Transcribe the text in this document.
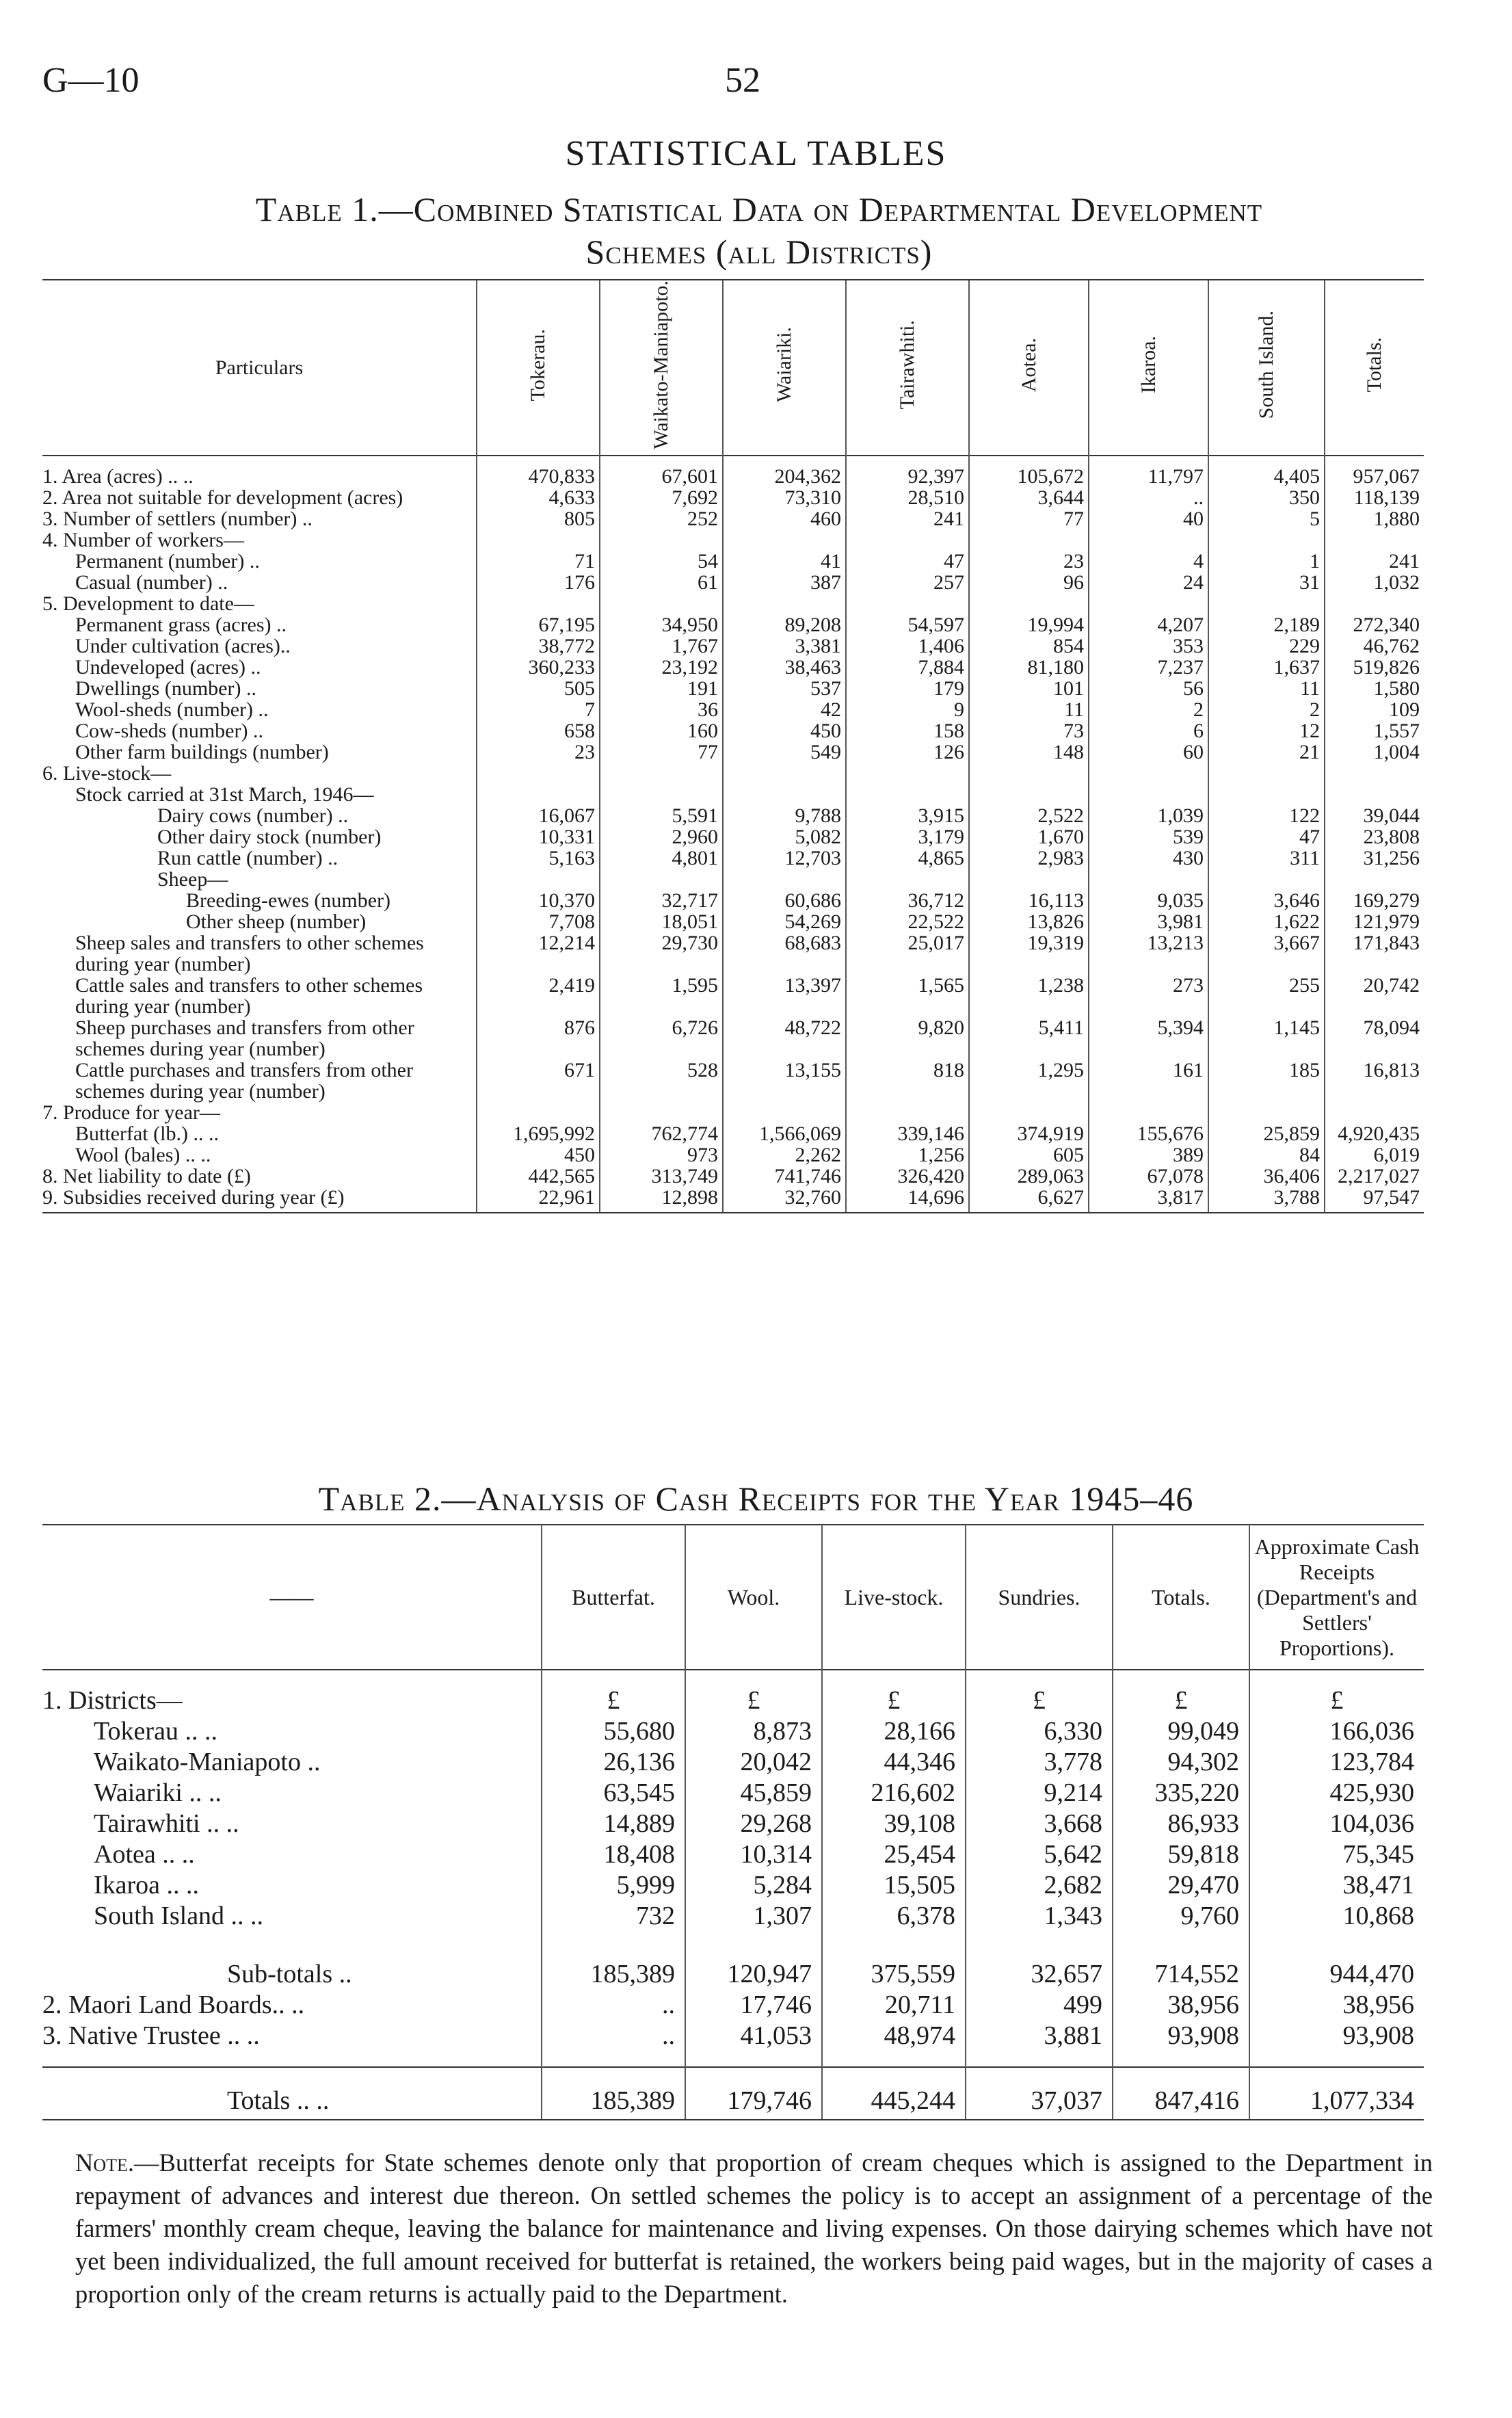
G—10	52
STATISTICAL TABLES
Table 1.—Combined Statistical Data on Departmental Development
Schemes (all Districts)
Particulars	Tokerau.	Waikato-Maniapoto.	Waiariki.	Tairawhiti.	Aotea.	Ikaroa.	South Island.	Totals.
1. Area (acres) .. ..	470,833	67,601	204,362	92,397	105,672	11,797	4,405	957,067
2. Area not suitable for development (acres)	4,633	7,692	73,310	28,510	3,644	..	350	118,139
3. Number of settlers (number) ..	805	252	460	241	77	40	5	1,880
4. Number of workers—								
Permanent (number) ..	71	54	41	47	23	4	1	241
Casual (number) ..	176	61	387	257	96	24	31	1,032
5. Development to date—								
Permanent grass (acres) ..	67,195	34,950	89,208	54,597	19,994	4,207	2,189	272,340
Under cultivation (acres)..	38,772	1,767	3,381	1,406	854	353	229	46,762
Undeveloped (acres) ..	360,233	23,192	38,463	7,884	81,180	7,237	1,637	519,826
Dwellings (number) ..	505	191	537	179	101	56	11	1,580
Wool-sheds (number) ..	7	36	42	9	11	2	2	109
Cow-sheds (number) ..	658	160	450	158	73	6	12	1,557
Other farm buildings (number)	23	77	549	126	148	60	21	1,004
6. Live-stock—								
Stock carried at 31st March, 1946—								
Dairy cows (number) ..	16,067	5,591	9,788	3,915	2,522	1,039	122	39,044
Other dairy stock (number)	10,331	2,960	5,082	3,179	1,670	539	47	23,808
Run cattle (number) ..	5,163	4,801	12,703	4,865	2,983	430	311	31,256
Sheep—								
Breeding-ewes (number)	10,370	32,717	60,686	36,712	16,113	9,035	3,646	169,279
Other sheep (number)	7,708	18,051	54,269	22,522	13,826	3,981	1,622	121,979
Sheep sales and transfers to other schemes during year (number)	12,214	29,730	68,683	25,017	19,319	13,213	3,667	171,843
Cattle sales and transfers to other schemes during year (number)	2,419	1,595	13,397	1,565	1,238	273	255	20,742
Sheep purchases and transfers from other schemes during year (number)	876	6,726	48,722	9,820	5,411	5,394	1,145	78,094
Cattle purchases and transfers from other schemes during year (number)	671	528	13,155	818	1,295	161	185	16,813
7. Produce for year—								
Butterfat (lb.) .. ..	1,695,992	762,774	1,566,069	339,146	374,919	155,676	25,859	4,920,435
Wool (bales) .. ..	450	973	2,262	1,256	605	389	84	6,019
8. Net liability to date (£)	442,565	313,749	741,746	326,420	289,063	67,078	36,406	2,217,027
9. Subsidies received during year (£)	22,961	12,898	32,760	14,696	6,627	3,817	3,788	97,547
Table 2.—Analysis of Cash Receipts for the Year 1945–46
——	Butterfat.	Wool.	Live-stock.	Sundries.	Totals.	Approximate Cash Receipts (Department's and Settlers' Proportions).
1. Districts—	£	£	£	£	£	£
Tokerau .. ..	55,680	8,873	28,166	6,330	99,049	166,036
Waikato-Maniapoto ..	26,136	20,042	44,346	3,778	94,302	123,784
Waiariki .. ..	63,545	45,859	216,602	9,214	335,220	425,930
Tairawhiti .. ..	14,889	29,268	39,108	3,668	86,933	104,036
Aotea .. ..	18,408	10,314	25,454	5,642	59,818	75,345
Ikaroa .. ..	5,999	5,284	15,505	2,682	29,470	38,471
South Island .. ..	732	1,307	6,378	1,343	9,760	10,868
Sub-totals ..	185,389	120,947	375,559	32,657	714,552	944,470
2. Maori Land Boards.. ..	..	17,746	20,711	499	38,956	38,956
3. Native Trustee .. ..	..	41,053	48,974	3,881	93,908	93,908
Totals .. ..	185,389	179,746	445,244	37,037	847,416	1,077,334
Note.—Butterfat receipts for State schemes denote only that proportion of cream cheques which is assigned to the Department in repayment of advances and interest due thereon. On settled schemes the policy is to accept an assignment of a percentage of the farmers' monthly cream cheque, leaving the balance for maintenance and living expenses. On those dairying schemes which have not yet been individualized, the full amount received for butterfat is retained, the workers being paid wages, but in the majority of cases a proportion only of the cream returns is actually paid to the Department.
